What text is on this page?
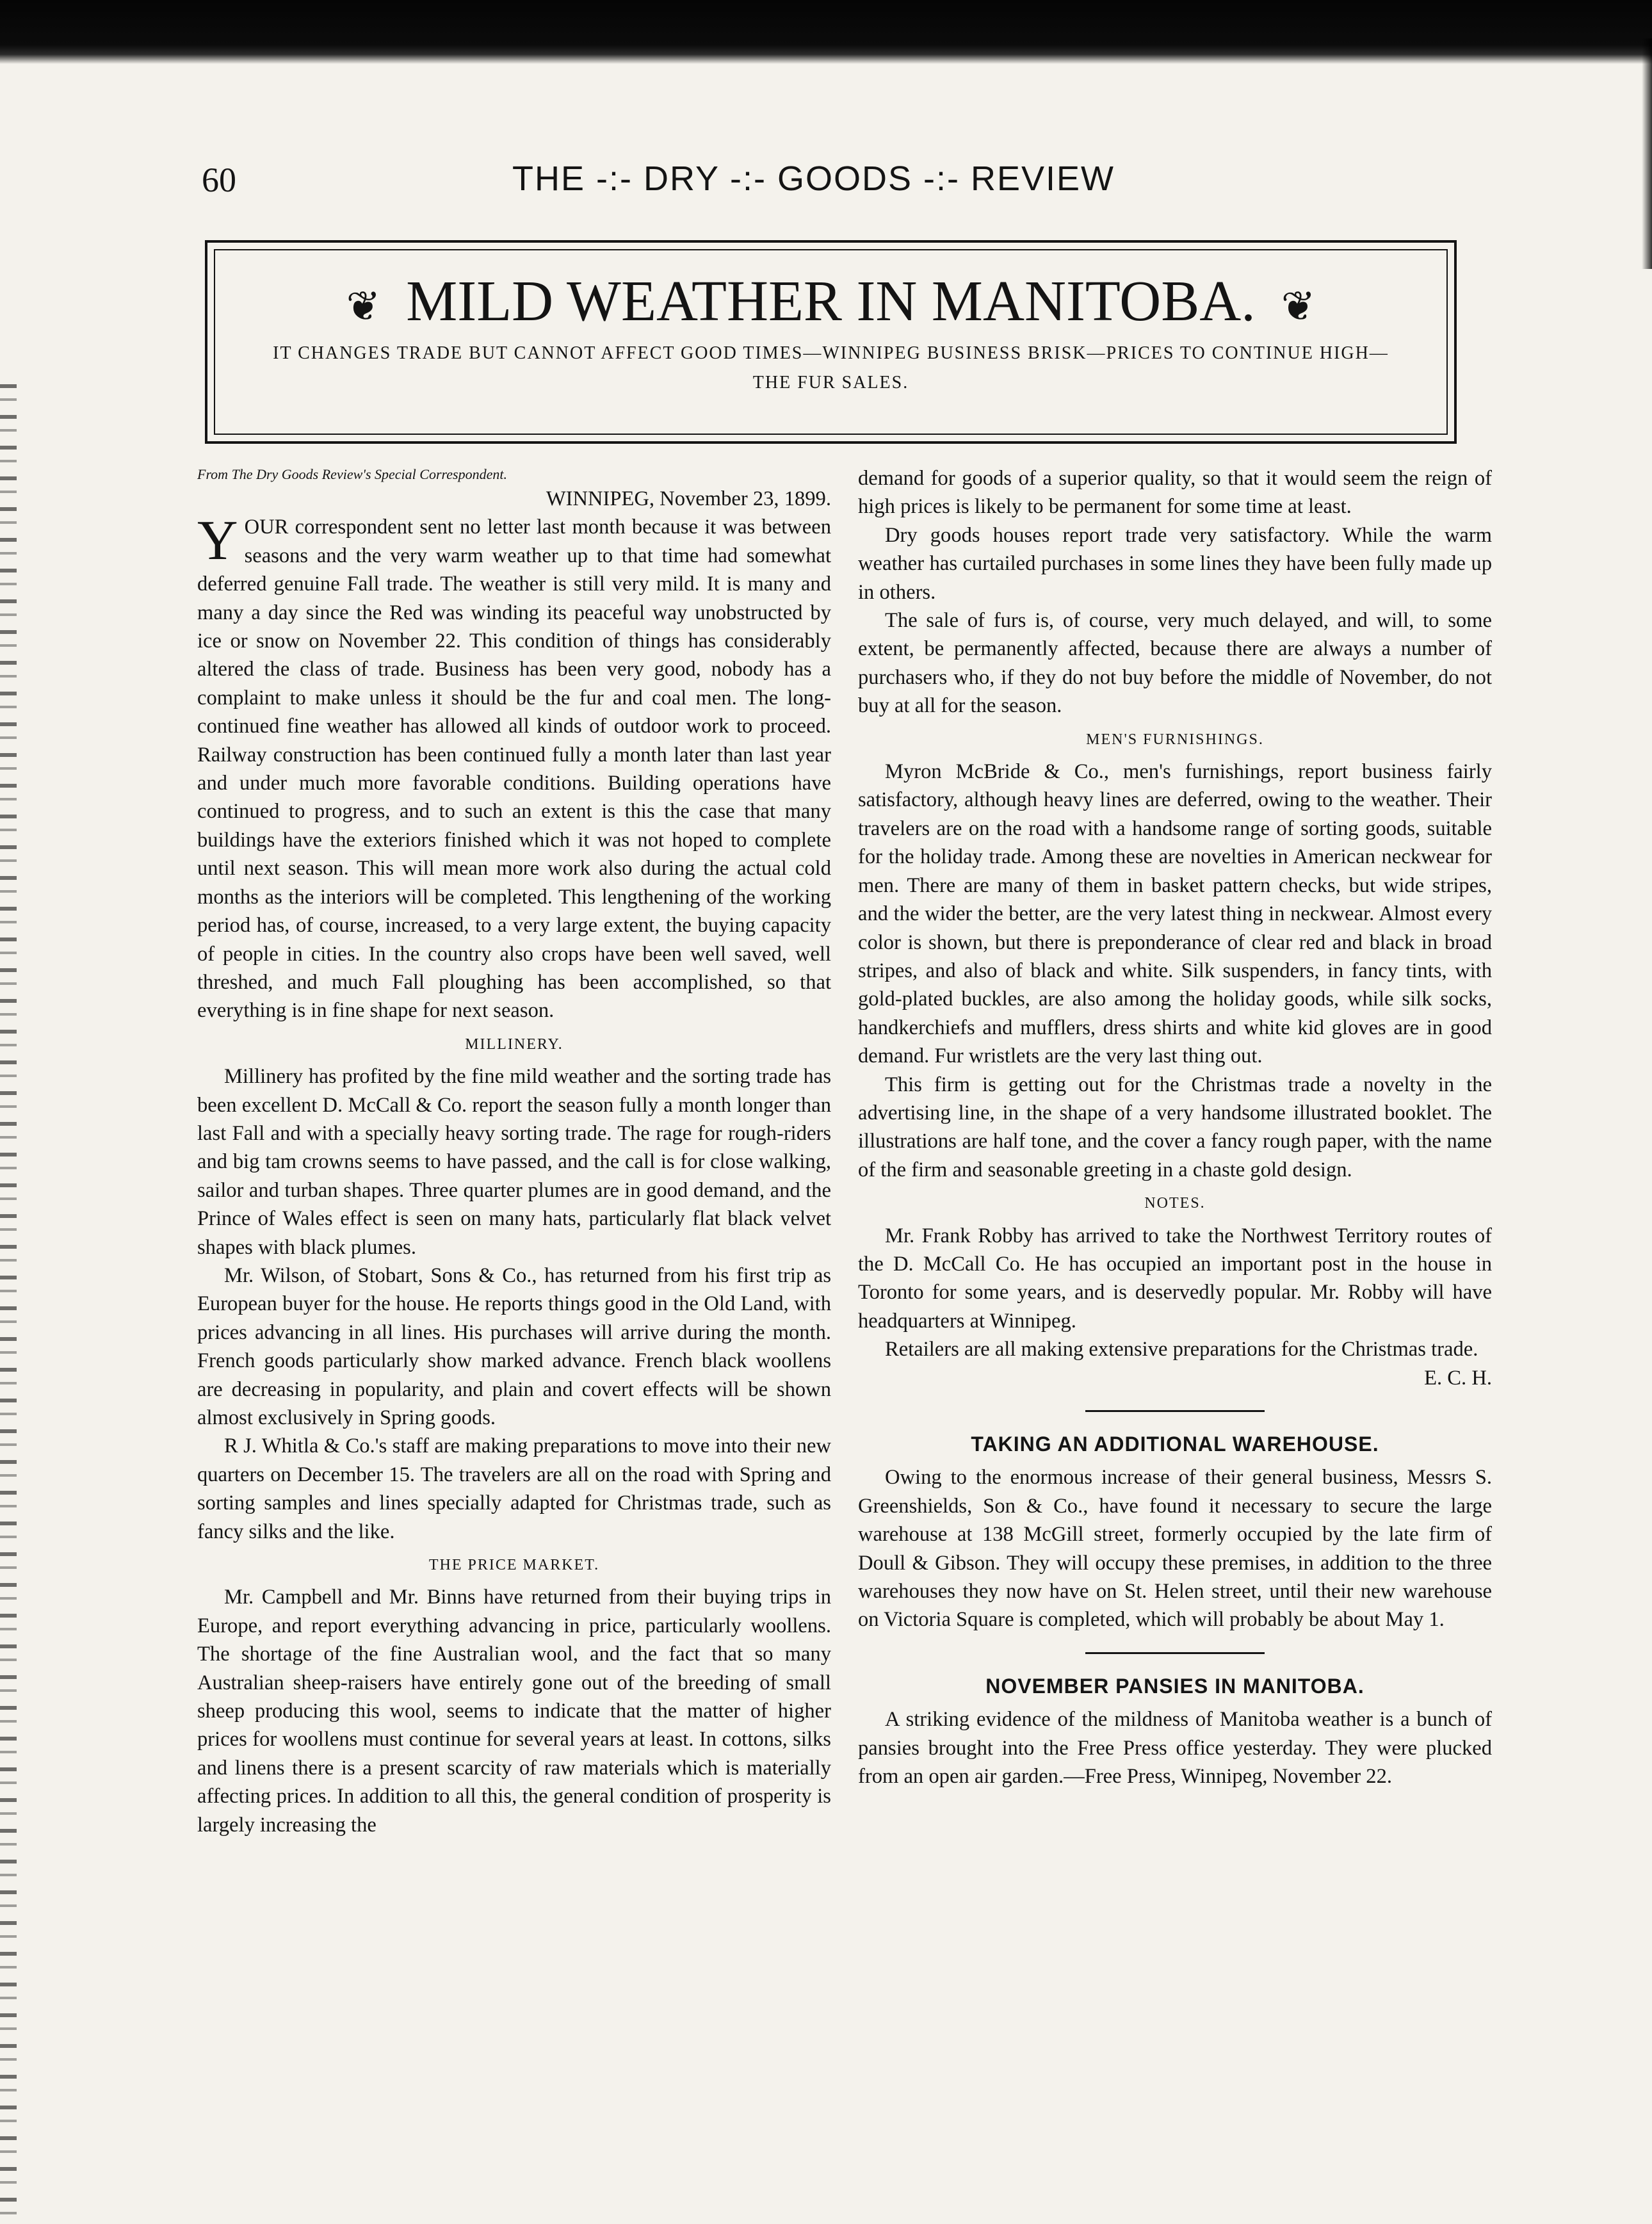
60	THE -:- DRY -:- GOODS -:- REVIEW
❦ MILD WEATHER IN MANITOBA. ❦
IT CHANGES TRADE BUT CANNOT AFFECT GOOD TIMES—WINNIPEG BUSINESS BRISK—PRICES TO CONTINUE HIGH—THE FUR SALES.

From The Dry Goods Review's Special Correspondent.

WINNIPEG, November 23, 1899.

YOUR correspondent sent no letter last month because it was between seasons and the very warm weather up to that time had somewhat deferred genuine Fall trade. The weather is still very mild. It is many and many a day since the Red was winding its peaceful way unobstructed by ice or snow on November 22. This condition of things has considerably altered the class of trade. Business has been very good, nobody has a complaint to make unless it should be the fur and coal men. The long-continued fine weather has allowed all kinds of outdoor work to proceed. Railway construction has been continued fully a month later than last year and under much more favorable conditions. Building operations have continued to progress, and to such an extent is this the case that many buildings have the exteriors finished which it was not hoped to complete until next season. This will mean more work also during the actual cold months as the interiors will be completed. This lengthening of the working period has, of course, increased, to a very large extent, the buying capacity of people in cities. In the country also crops have been well saved, well threshed, and much Fall ploughing has been accomplished, so that everything is in fine shape for next season.

MILLINERY.

Millinery has profited by the fine mild weather and the sorting trade has been excellent D. McCall & Co. report the season fully a month longer than last Fall and with a specially heavy sorting trade. The rage for rough-riders and big tam crowns seems to have passed, and the call is for close walking, sailor and turban shapes. Three quarter plumes are in good demand, and the Prince of Wales effect is seen on many hats, particularly flat black velvet shapes with black plumes.

Mr. Wilson, of Stobart, Sons & Co., has returned from his first trip as European buyer for the house. He reports things good in the Old Land, with prices advancing in all lines. His purchases will arrive during the month. French goods particularly show marked advance. French black woollens are decreasing in popularity, and plain and covert effects will be shown almost exclusively in Spring goods.

R J. Whitla & Co.'s staff are making preparations to move into their new quarters on December 15. The travelers are all on the road with Spring and sorting samples and lines specially adapted for Christmas trade, such as fancy silks and the like.

THE PRICE MARKET.

Mr. Campbell and Mr. Binns have returned from their buying trips in Europe, and report everything advancing in price, particularly woollens. The shortage of the fine Australian wool, and the fact that so many Australian sheep-raisers have entirely gone out of the breeding of small sheep producing this wool, seems to indicate that the matter of higher prices for woollens must continue for several years at least. In cottons, silks and linens there is a present scarcity of raw materials which is materially affecting prices. In addition to all this, the general condition of prosperity is largely increasing the

demand for goods of a superior quality, so that it would seem the reign of high prices is likely to be permanent for some time at least.

Dry goods houses report trade very satisfactory. While the warm weather has curtailed purchases in some lines they have been fully made up in others.

The sale of furs is, of course, very much delayed, and will, to some extent, be permanently affected, because there are always a number of purchasers who, if they do not buy before the middle of November, do not buy at all for the season.

MEN'S FURNISHINGS.

Myron McBride & Co., men's furnishings, report business fairly satisfactory, although heavy lines are deferred, owing to the weather. Their travelers are on the road with a handsome range of sorting goods, suitable for the holiday trade. Among these are novelties in American neckwear for men. There are many of them in basket pattern checks, but wide stripes, and the wider the better, are the very latest thing in neckwear. Almost every color is shown, but there is preponderance of clear red and black in broad stripes, and also of black and white. Silk suspenders, in fancy tints, with gold-plated buckles, are also among the holiday goods, while silk socks, handkerchiefs and mufflers, dress shirts and white kid gloves are in good demand. Fur wristlets are the very last thing out.

This firm is getting out for the Christmas trade a novelty in the advertising line, in the shape of a very handsome illustrated booklet. The illustrations are half tone, and the cover a fancy rough paper, with the name of the firm and seasonable greeting in a chaste gold design.

NOTES.

Mr. Frank Robby has arrived to take the Northwest Territory routes of the D. McCall Co. He has occupied an important post in the house in Toronto for some years, and is deservedly popular. Mr. Robby will have headquarters at Winnipeg.

Retailers are all making extensive preparations for the Christmas trade.

E. C. H.
TAKING AN ADDITIONAL WAREHOUSE.

Owing to the enormous increase of their general business, Messrs S. Greenshields, Son & Co., have found it necessary to secure the large warehouse at 138 McGill street, formerly occupied by the late firm of Doull & Gibson. They will occupy these premises, in addition to the three warehouses they now have on St. Helen street, until their new warehouse on Victoria Square is completed, which will probably be about May 1.

NOVEMBER PANSIES IN MANITOBA.

A striking evidence of the mildness of Manitoba weather is a bunch of pansies brought into the Free Press office yesterday. They were plucked from an open air garden.—Free Press, Winnipeg, November 22.
